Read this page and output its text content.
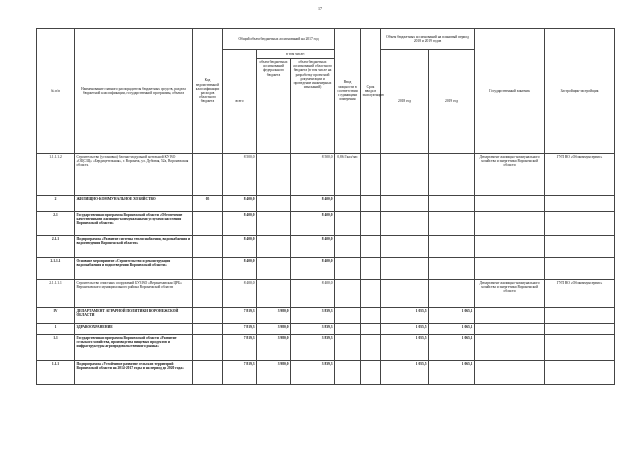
17
№ п/п	Наименование главного распорядителя бюджетных средств, раздела бюджетной классификации, государственной программы, объекта	Код ведомственной классификации расходов областного бюджета	Общий объем бюджетных ассигнований на 2017 год			Ввод мощности в соответствии с единицами измерения	Срок ввода в эксплуатацию	Объем бюджетных ассигнований на плановый период 2018 и 2019 годов		Государственный заказчик	Застройщик-застройщик
			всего	в том числе:				2018 год	2019 год		
				объем бюджетных ассигнований федерального бюджета	объем бюджетных ассигнований областного бюджета (в том числе на разработку проектной документации и проведение инженерных изысканий)						
1.1.1.1.2	Строительство (установка) блочно-модульной котельной КУ ВО «ОЦСЗЦ» «Бердицетельная», г. Воронеж, ул. Дубовая, 52а, Воронежская область		8 500,0		8 500,0	0,86 Гкал/час				Департамент жилищно-коммунального хозяйства и энергетики Воронежской области	ГУП ВО «Облкоммунсервис»
2	ЖИЛИЩНО-КОММУНАЛЬНОЕ ХОЗЯЙСТВО	05	8 400,0		8 400,0						
2.1	Государственная программа Воронежской области «Обеспечение качественными жилищно-коммунальными услугами населения Воронежской области»		8 400,0		8 400,0						
2.1.1	Подпрограмма «Развитие системы теплоснабжения, водоснабжения и водоотведения Воронежской области»		8 400,0		8 400,0						
2.1.1.1	Основное мероприятие «Строительство и реконструкция водоснабжения и водоотведения Воронежской области»		8 400,0		8 400,0						
2.1.1.1.1	Строительство очистных сооружений БУЗ ВО «Верхнехавская ЦРБ» Верхнехавского муниципального района Воронежской области		8 400,0		8 400,0					Департамент жилищно-коммунального хозяйства и энергетики Воронежской области	ГУП ВО «Облкоммунсервис»
IV	ДЕПАРТАМЕНТ АГРАРНОЙ ПОЛИТИКИ ВОРОНЕЖСКОЙ ОБЛАСТИ		7 819,3	3 980,0	3 839,3			1 055,5	1 065,1		
1	ЗДРАВООХРАНЕНИЕ		7 819,3	3 980,0	3 839,3			1 055,5	1 065,1		
1.1	Государственная программа Воронежской области «Развитие сельского хозяйства, производства пищевых продуктов и инфраструктуры агропродовольственного рынка»		7 819,3	3 980,0	3 839,3			1 055,5	1 065,1		
1.1.1	Подпрограмма «Устойчивое развитие сельских территорий Воронежской области на 2014-2017 годы и на период до 2020 года»		7 819,3	3 980,0	3 839,3			1 055,5	1 065,1		
